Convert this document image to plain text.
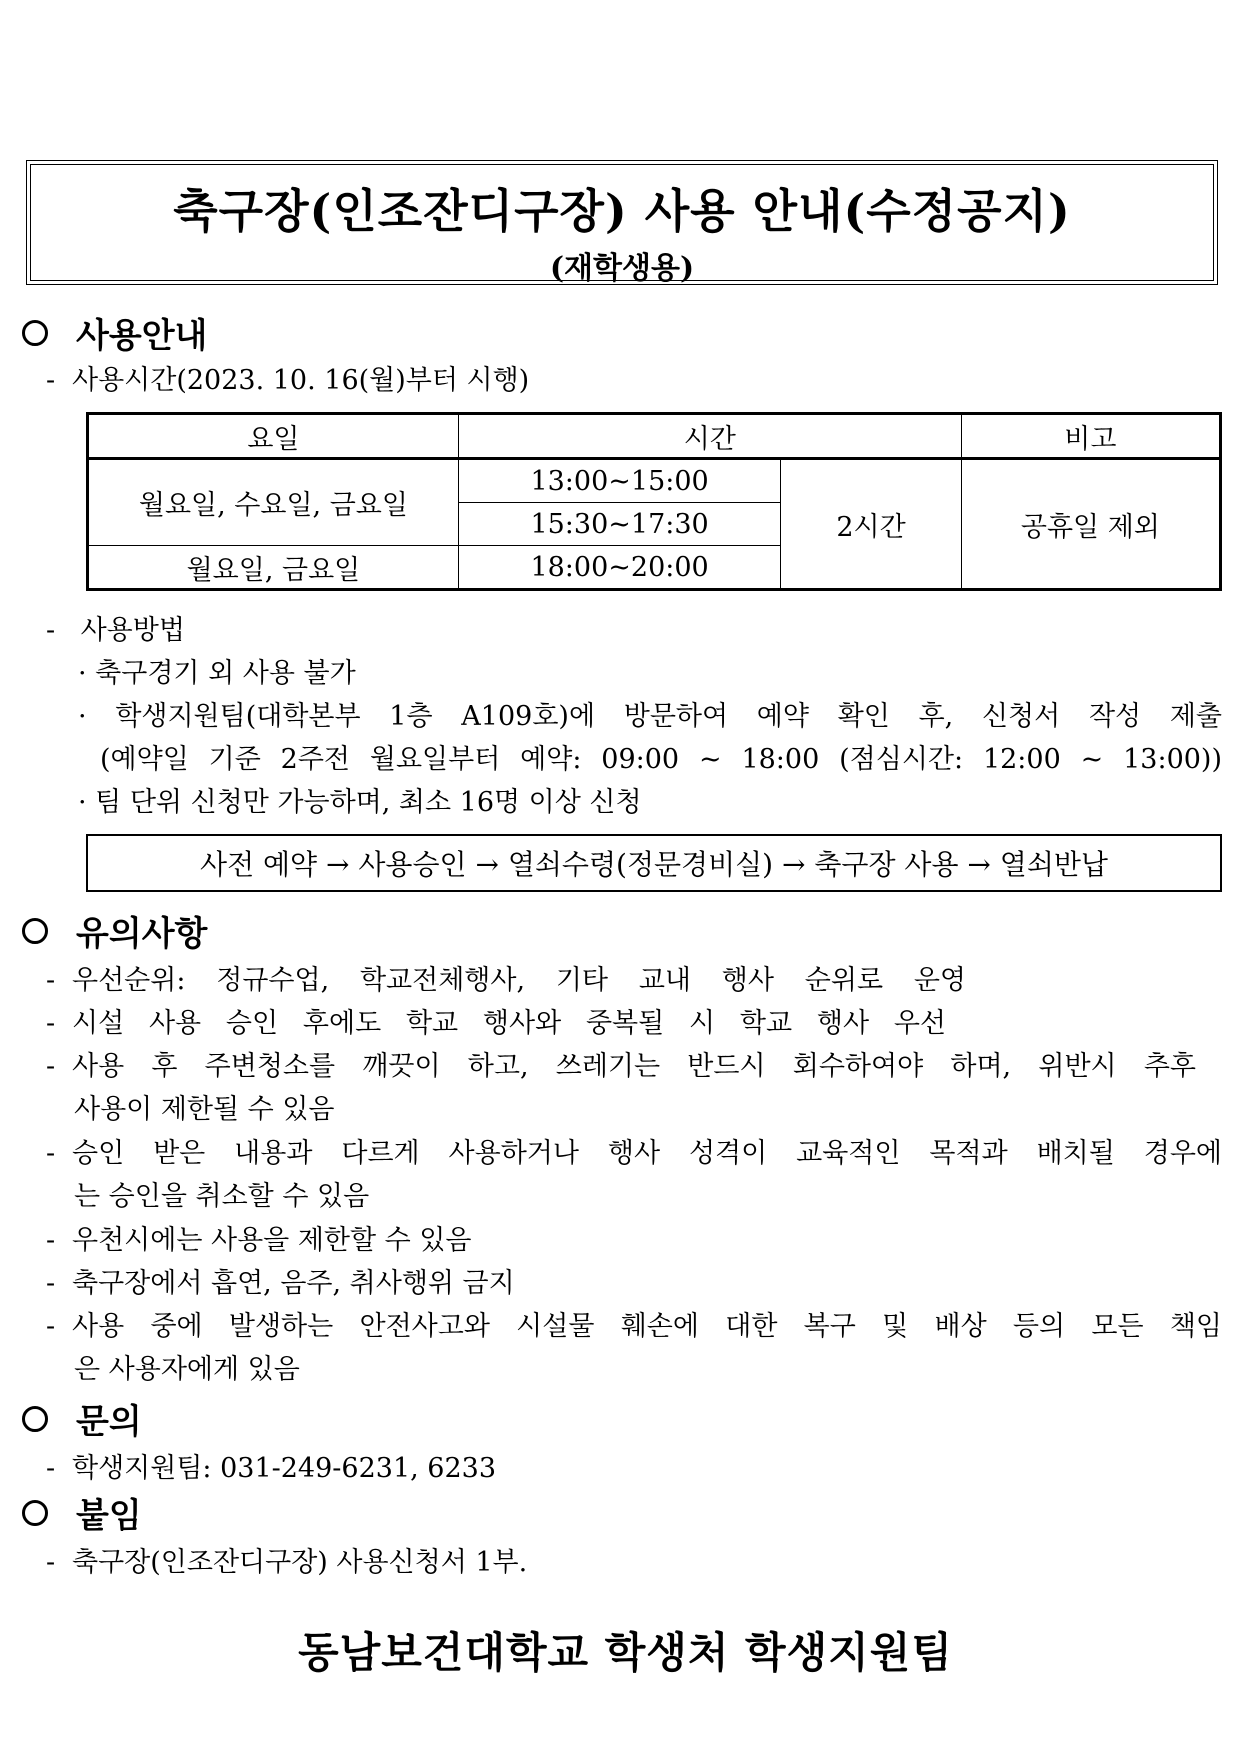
축구장(인조잔디구장) 사용 안내(수정공지)
(재학생용)
사용안내
- 사용시간(2023. 10. 16(월)부터 시행)
요일	시간		비고
월요일, 수요일, 금요일	13:00~15:00	2시간	공휴일 제외
	15:30~17:30		
월요일, 금요일	18:00~20:00		
- 사용방법
· 축구경기 외 사용 불가
· 학생지원팀(대학본부 1층 A109호)에 방문하여 예약 확인 후, 신청서 작성 제출
(예약일 기준 2주전 월요일부터 예약: 09:00 ~ 18:00 (점심시간: 12:00 ~ 13:00))
· 팀 단위 신청만 가능하며, 최소 16명 이상 신청
사전 예약 → 사용승인 → 열쇠수령(정문경비실) → 축구장 사용 → 열쇠반납
유의사항
- 우선순위: 정규수업, 학교전체행사, 기타 교내 행사 순위로 운영
- 시설 사용 승인 후에도 학교 행사와 중복될 시 학교 행사 우선
- 사용 후 주변청소를 깨끗이 하고, 쓰레기는 반드시 회수하여야 하며, 위반시 추후
사용이 제한될 수 있음
- 승인 받은 내용과 다르게 사용하거나 행사 성격이 교육적인 목적과 배치될 경우에
는 승인을 취소할 수 있음
- 우천시에는 사용을 제한할 수 있음
- 축구장에서 흡연, 음주, 취사행위 금지
- 사용 중에 발생하는 안전사고와 시설물 훼손에 대한 복구 및 배상 등의 모든 책임
은 사용자에게 있음
문의
- 학생지원팀: 031-249-6231, 6233
붙임
- 축구장(인조잔디구장) 사용신청서 1부.
동남보건대학교 학생처 학생지원팀
